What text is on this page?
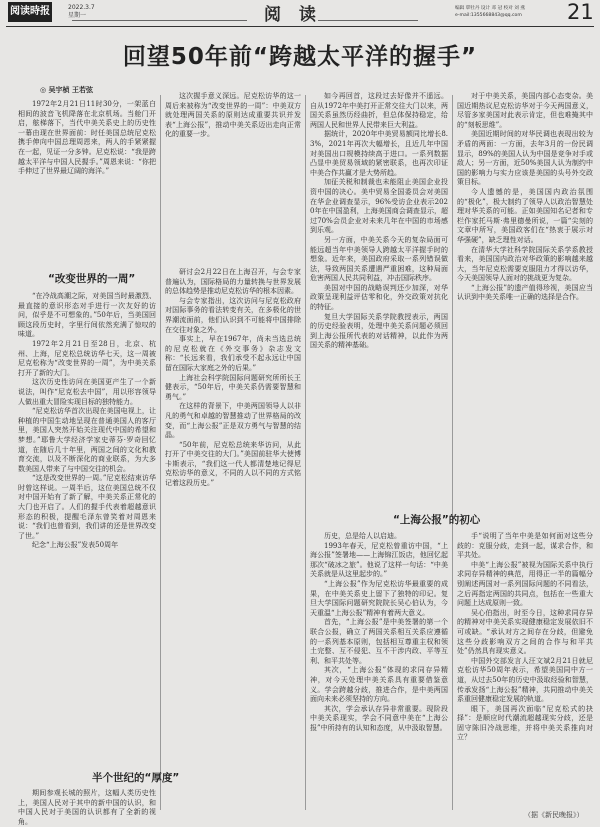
阅读時报	2022.3.7
星期一	阅 读	编辑 覃牡丹 设计 邓 冠 校对 刘 燕
e-mail:1355668843@qq.com 21
回望50年前“跨越太平洋的握手”
◎ 吴宇桢 王若弦
1972年2月21日11时30分，一架蓝白相间的波音飞机降落在北京机场。当舱门开启，舷梯落下，当代中美关系史上的历史性一幕由现在世界面前：时任美国总统尼克松携手伸向中国总理周恩来，两人的手紧紧握在一起，见证一分多钟。尼克松说：“我是跨越太平洋与中国人民握手。”周恩来说：“你把手伸过了世界最辽阔的海洋。”
“改变世界的一周”
“在冷战高潮之际，对美国当时最激烈、最直接的意识形态对手进行一次友好的访问，似乎是不可想象的。”50年后，当美国回顾这段历史时，字里行间依然充满了惊叹的味道。
1972年2月21日至28日，北京、杭州、上海，尼克松总统访华七天，这一周被尼克松称为“改变世界的一周”，为中美关系打开了新的大门。
这次历史性访问在美国更产生了一个新说法，叫作“尼克松去中国”，用以形容领导人做出重大冒险实现目标的独特能力。
“尼克松访华首次出现在美国电视上，让种植的中国生动地呈现在普通美国人的客厅里，美国人突然开始关注现代中国的希望和梦想。”耶鲁大学经济学家史蒂芬·罗奇回忆道，在随后几十年里，两国之间的文化和教育交流，以及不断深化的商业联系，为大多数美国人带来了与中国交往的机会。
“这是改变世界的一周。”尼克松结束访华时曾这样说。一周半后，这位美国总统不仅对中国开始有了新了解，中美关系正常化的大门也开启了。人们的握手代表着超越意识形态的积极，提醒毛泽东曾笑着对周恩来说：“我们也曾看到，我们讲的还是世界改变了世。”
纪念“上海公报”发表50周年
半个世纪的“厚度”
期间参观长城的照片，这幅人类历史性上，美国人民对于其中的新中国的认识，和中国人民对于美国的认识都有了全新的视角。
这次握手意义深远。尼克松访华的这一周后来被称为“改变世界的一周”：中美双方就处理两国关系的原则达成重要共识并发表“上海公报”，推动中美关系迈出走向正常化的重要一步。
研讨会2月22日在上海召开，与会专家普遍认为，国际格局的力量转换与世界发展的总体趋势是推动尼克松访华的根本因素。
与会专家指出，这次访问与尼克松政府对国际事务的看法转变有关，在多极化的世界潮流面前，他们认识到不可能将中国排除在交往对象之外。
事实上，早在1967年，尚未当选总统的尼克松就在《外交事务》杂志发文称：“长远来看，我们承受不起永远让中国留在国际大家庭之外的后果。”
上海社会科学院国际问题研究所所长王健表示，“50年后，中美关系仍需要智慧和勇气。”
在这样的背景下，中美两国领导人以非凡的勇气和卓越的智慧推动了世界格局的改变，而“上海公报”正是双方勇气与智慧的结晶。
“50年前，尼克松总统来华访问，从此打开了中美交往的大门。”美国前驻华大使博卡斯表示，“我们这一代人都清楚地记得尼克松访华的意义，不同的人以不同的方式铭记着这段历史。”
如今再回首，这段过去好像并不遥远。自从1972年中美打开正常交往大门以来，两国关系虽然历经曲折，但总体保持稳定，给两国人民和世界人民带来巨大利益。
据统计，2020年中美贸易额同比增长8.3%，2021年再次大幅增长，且近几年中国对美国出口规模持续高于进口。一系列数据凸显中美贸易领域的紧密联系，也再次印证中美合作共赢才是大势所趋。
加征关税和制裁也未能阻止美国企业投资中国的决心。美中贸易全国委员会对美国在华企业调查显示，96%受访企业表示2020年在中国盈利，上海美国商会调查显示，超过70%会员企业对未来几年在中国的市场感到乐观。
另一方面，中美关系今天的复杂局面可能远超当年中美领导人跨越太平洋握手时的想象。近年来，美国政府采取一系列错误做法，导致两国关系遭遇严重困难，这种局面危害两国人民共同利益，冲击国际秩序。
美国对中国的战略误判还少加深，对华政策呈现利益评估零和化，外交政策对抗化的特征。
复旦大学国际关系学院教授表示，两国的历史经验表明，处理中美关系问题必须回到上海公报所代表的对话精神，以此作为两国关系的精神基础。
“上海公报”的初心
历史，总是给人以启迪。
1993年春天，尼克松曾重访中国，“上海公报”签署地——上海锦江饭店，他回忆起那次“破冰之旅”。他说了这样一句话：“中美关系就是从这里起步的。”
“上海公报”作为尼克松访华最重要的成果，在中美关系史上留下了独特的印记。复旦大学国际问题研究院院长吴心伯认为，今天重温“上海公报”精神有着两大意义。
首先，“上海公报”是中美签署的第一个联合公报，确立了两国关系相互关系应遵循的一系列基本原则，包括相互尊重主权和领土完整、互不侵犯、互不干涉内政、平等互利、和平共处等。
其次，“上海公报”体现的求同存异精神，对今天处理中美关系具有重要借鉴意义。学会跨越分歧，推进合作，是中美两国面向未来必须坚持的方向。
其次，学会承认存异非常重要。现阶段中美关系现实，学会不同意中美在“上海公报”中所持有的认知和态度，从中汲取智慧。
对于中美关系，美国内部心态变杂。美国近期热议尼克松访华对于今天两国意义，尽管多家美国对此表示肯定，但也难掩其中的“刻板思维”。
美国近期时间的对华民调也表现出较为矛盾的两面：一方面，去年3月的一份民调显示，89%的美国人认为中国是竞争对手或敌人；另一方面，近50%美国人认为制约中国的影响力与实力应该是美国的头号外交政策目标。
今人遗憾的是，美国国内政治氛围的“极化”，极大制约了领导人以政治智慧处理对华关系的可能。正如美国知名记者和专栏作家托马斯·弗里德曼所说，一篇“尖刻的文章中所写，美国政客们在“热衷于展示对华强硬”，缺乏理性对话。
在清华大学社科学院国际关系学系教授看来，美国国内政治对华政策的影响越来越大，当年尼克松需要克服阻力才得以访华，今天美国领导人面对的挑战更为复杂。
“上海公报”的遗产值得珍视，美国应当认识到中美关系唯一正确的选择是合作。
手“说明了当年中美是如何面对这些分歧的：克服分歧，走到一起，谋求合作，和平共处。
中美“上海公报”被视为国际关系中执行求同存异精神的典范，用得正一半的篇幅分别阐述两国对一系列国际问题的不同看法，之后再指定两国的共同点，包括在一些重大问题上达成原则一致。
吴心伯指出，时至今日，这种求同存异的精神对中美关系实现健康稳定发展依旧不可或缺。“承认对方之间存在分歧，但避免这些分歧影响双方之间的合作与和平共处”仍然具有现实意义。
中国外交部发言人汪文斌2月21日就尼克松访华50周年表示，希望美国同中方一道，从过去50年的历史中汲取经验和智慧，传承发扬“上海公报”精神，共同推动中美关系重回健康稳定发展的轨道。
眼下，美国再次面临“尼克松式的抉择”：是顺应时代潮流超越现实分歧，还是固守陈旧冷战思维，并将中美关系推向对立？
（据《新民晚报》）
